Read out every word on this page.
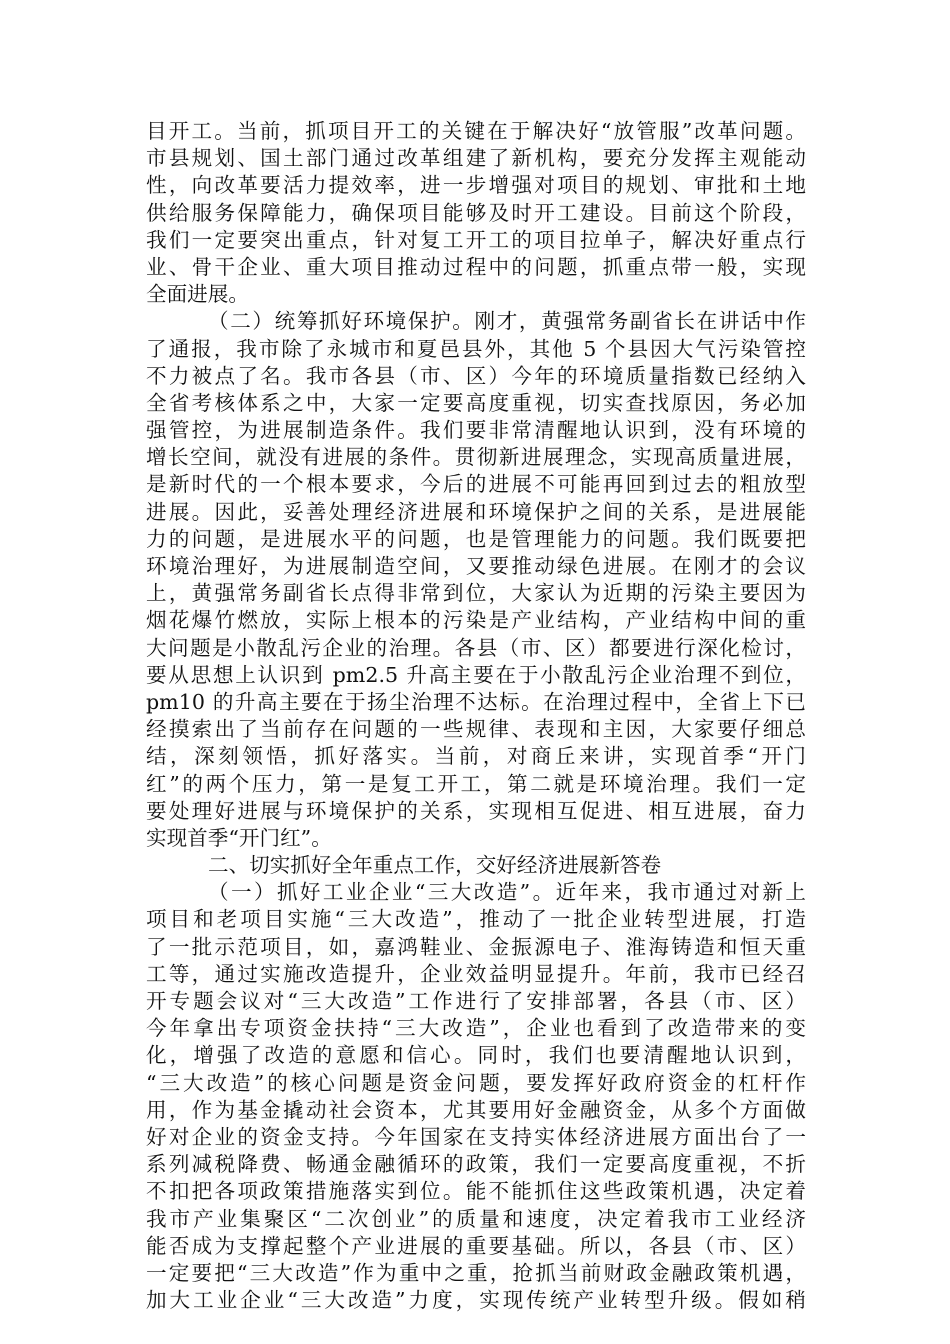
目开工。当前，抓项目开工的关键在于解决好“放管服”改革问题。
市县规划、国土部门通过改革组建了新机构，要充分发挥主观能动
性，向改革要活力提效率，进一步增强对项目的规划、审批和土地
供给服务保障能力，确保项目能够及时开工建设。目前这个阶段，
我们一定要突出重点，针对复工开工的项目拉单子，解决好重点行
业、骨干企业、重大项目推动过程中的问题，抓重点带一般，实现
全面进展。
（二）统筹抓好环境保护。刚才，黄强常务副省长在讲话中作
了通报，我市除了永城市和夏邑县外，其他 5 个县因大气污染管控
不力被点了名。我市各县（市、区）今年的环境质量指数已经纳入
全省考核体系之中，大家一定要高度重视，切实查找原因，务必加
强管控，为进展制造条件。我们要非常清醒地认识到，没有环境的
增长空间，就没有进展的条件。贯彻新进展理念，实现高质量进展，
是新时代的一个根本要求，今后的进展不可能再回到过去的粗放型
进展。因此，妥善处理经济进展和环境保护之间的关系，是进展能
力的问题，是进展水平的问题，也是管理能力的问题。我们既要把
环境治理好，为进展制造空间，又要推动绿色进展。在刚才的会议
上，黄强常务副省长点得非常到位，大家认为近期的污染主要因为
烟花爆竹燃放，实际上根本的污染是产业结构，产业结构中间的重
大问题是小散乱污企业的治理。各县（市、区）都要进行深化检讨，
要从思想上认识到 pm2.5 升高主要在于小散乱污企业治理不到位，
pm10 的升高主要在于扬尘治理不达标。在治理过程中，全省上下已
经摸索出了当前存在问题的一些规律、表现和主因，大家要仔细总
结，深刻领悟，抓好落实。当前，对商丘来讲，实现首季“开门
红”的两个压力，第一是复工开工，第二就是环境治理。我们一定
要处理好进展与环境保护的关系，实现相互促进、相互进展，奋力
实现首季“开门红”。
二、切实抓好全年重点工作，交好经济进展新答卷
（一）抓好工业企业“三大改造”。近年来，我市通过对新上
项目和老项目实施“三大改造”，推动了一批企业转型进展，打造
了一批示范项目，如，嘉鸿鞋业、金振源电子、淮海铸造和恒天重
工等，通过实施改造提升，企业效益明显提升。年前，我市已经召
开专题会议对“三大改造”工作进行了安排部署，各县（市、区）
今年拿出专项资金扶持“三大改造”，企业也看到了改造带来的变
化，增强了改造的意愿和信心。同时，我们也要清醒地认识到，
“三大改造”的核心问题是资金问题，要发挥好政府资金的杠杆作
用，作为基金撬动社会资本，尤其要用好金融资金，从多个方面做
好对企业的资金支持。今年国家在支持实体经济进展方面出台了一
系列减税降费、畅通金融循环的政策，我们一定要高度重视，不折
不扣把各项政策措施落实到位。能不能抓住这些政策机遇，决定着
我市产业集聚区“二次创业”的质量和速度，决定着我市工业经济
能否成为支撑起整个产业进展的重要基础。所以，各县（市、区）
一定要把“三大改造”作为重中之重，抢抓当前财政金融政策机遇，
加大工业企业“三大改造”力度，实现传统产业转型升级。假如稍
